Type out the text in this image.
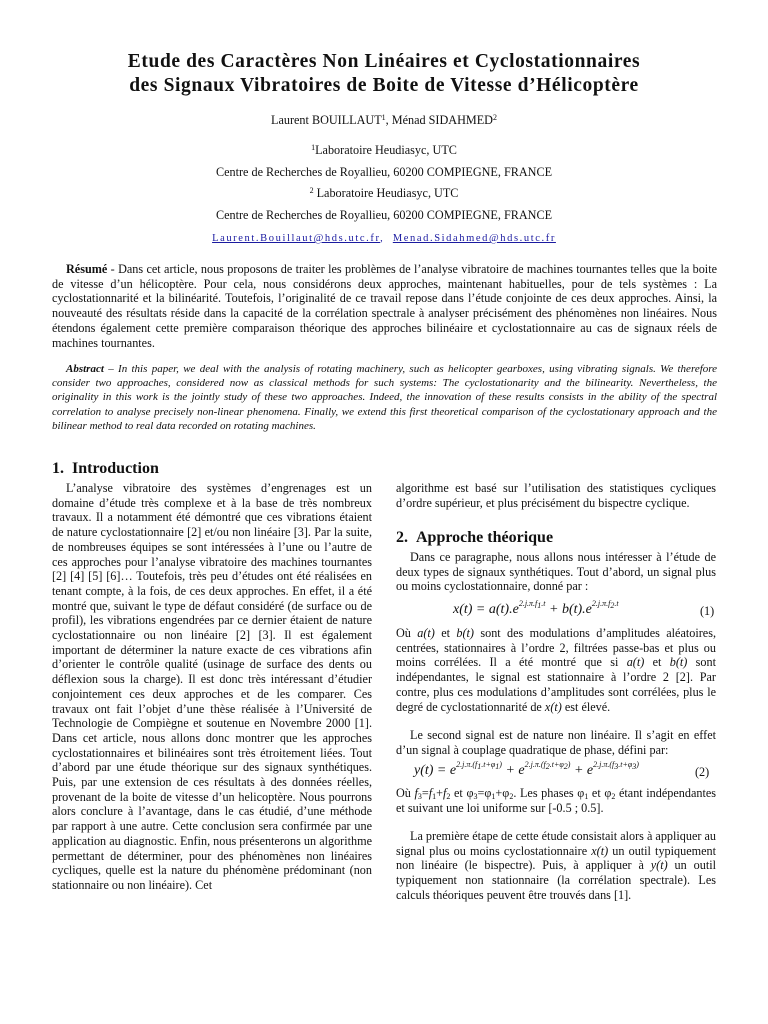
Etude des Caractères Non Linéaires et Cyclostationnaires
des Signaux Vibratoires de Boite de Vitesse d’Hélicoptère
Laurent BOUILLAUT$^1$, Ménad SIDAHMED$^2$
$^1$Laboratoire Heudiasyc, UTC
Centre de Recherches de Royallieu, 60200 COMPIEGNE, FRANCE
$^2$ Laboratoire Heudiasyc, UTC
Centre de Recherches de Royallieu, 60200 COMPIEGNE, FRANCE
Laurent.Bouillaut@hds.utc.fr, Menad.Sidahmed@hds.utc.fr
Résumé - Dans cet article, nous proposons de traiter les problèmes de l’analyse vibratoire de machines tournantes telles que la boite de vitesse d’un hélicoptère. Pour cela, nous considérons deux approches, maintenant habituelles, pour de tels systèmes : La cyclostationnarité et la bilinéarité. Toutefois, l’originalité de ce travail repose dans l’étude conjointe de ces deux approches. Ainsi, la nouveauté des résultats réside dans la capacité de la corrélation spectrale à analyser précisément des phénomènes non linéaires. Nous étendons également cette première comparaison théorique des approches bilinéaire et cyclostationnaire au cas de signaux réels de machines tournantes.
Abstract – In this paper, we deal with the analysis of rotating machinery, such as helicopter gearboxes, using vibrating signals. We therefore consider two approaches, considered now as classical methods for such systems: The cyclostationarity and the bilinearity. Nevertheless, the originality in this work is the jointly study of these two approaches. Indeed, the innovation of these results consists in the ability of the spectral correlation to analyse precisely non-linear phenomena. Finally, we extend this first theoretical comparison of the cyclostationary approach and the bilinear method to real data recorded on rotating machines.
1. Introduction

L’analyse vibratoire des systèmes d’engrenages est un domaine d’étude très complexe et à la base de très nombreux travaux. Il a notamment été démontré que ces vibrations étaient de nature cyclostationnaire [2] et/ou non linéaire [3]. Par la suite, de nombreuses équipes se sont intéressées à l’une ou l’autre de ces approches pour l’analyse vibratoire des machines tournantes [2] [4] [5] [6]… Toutefois, très peu d’études ont été réalisées en tenant compte, à la fois, de ces deux approches. En effet, il a été montré que, suivant le type de défaut considéré (de surface ou de profil), les vibrations engendrées par ce dernier étaient de nature cyclostationnaire ou non linéaire [2] [3]. Il est également important de déterminer la nature exacte de ces vibrations afin d’orienter le contrôle qualité (usinage de surface des dents ou déflexion sous la charge). Il est donc très intéressant d’étudier conjointement ces deux approches et de les comparer. Ces travaux ont fait l’objet d’une thèse réalisée à l’Université de Technologie de Compiègne et soutenue en Novembre 2000 [1]. Dans cet article, nous allons donc montrer que les approches cyclostationnaires et bilinéaires sont très étroitement liées. Tout d’abord par une étude théorique sur des signaux synthétiques. Puis, par une extension de ces résultats à des données réelles, provenant de la boite de vitesse d’un helicoptère. Nous pourrons alors conclure à l’avantage, dans le cas étudié, d’une méthode par rapport à une autre. Cette conclusion sera confirmée par une application au diagnostic. Enfin, nous présenterons un algorithme permettant de déterminer, pour des phénomènes non linéaires cycliques, quelle est la nature du phénomène prédominant (non stationnaire ou non linéaire). Cet

algorithme est basé sur l’utilisation des statistiques cycliques d’ordre supérieur, et plus précisément du bispectre cyclique.

2. Approche théorique

Dans ce paragraphe, nous allons nous intéresser à l’étude de deux types de signaux synthétiques. Tout d’abord, un signal plus ou moins cyclostationnaire, donné par :

$x(t) = a(t).e^{2.j.\pi.f_1.t} + b(t).e^{2.j.\pi.f_2.t}$
(1)

Où a(t) et b(t) sont des modulations d’amplitudes aléatoires, centrées, stationnaires à l’ordre 2, filtrées passe-bas et plus ou moins corrélées. Il a été montré que si a(t) et b(t) sont indépendantes, le signal est stationnaire à l’ordre 2 [2]. Par contre, plus ces modulations d’amplitudes sont corrélées, plus le degré de cyclostationnarité de x(t) est élevé.

Le second signal est de nature non linéaire. Il s’agit en effet d’un signal à couplage quadratique de phase, défini par:

$y(t) = e^{2.j.\pi.(f_1.t+\varphi_1)} + e^{2.j.\pi.(f_2.t+\varphi_2)} + e^{2.j.\pi.(f_3.t+\varphi_3)}$
(2)

Où $f_3=f_1+f_2$ et $\varphi_3=\varphi_1+\varphi_2$. Les phases $\varphi_1$ et $\varphi_2$ étant indépendantes et suivant une loi uniforme sur [-0.5 ; 0.5].

La première étape de cette étude consistait alors à appliquer au signal plus ou moins cyclostationnaire x(t) un outil typiquement non linéaire (le bispectre). Puis, à appliquer à y(t) un outil typiquement non stationnaire (la corrélation spectrale). Les calculs théoriques peuvent être trouvés dans [1].
